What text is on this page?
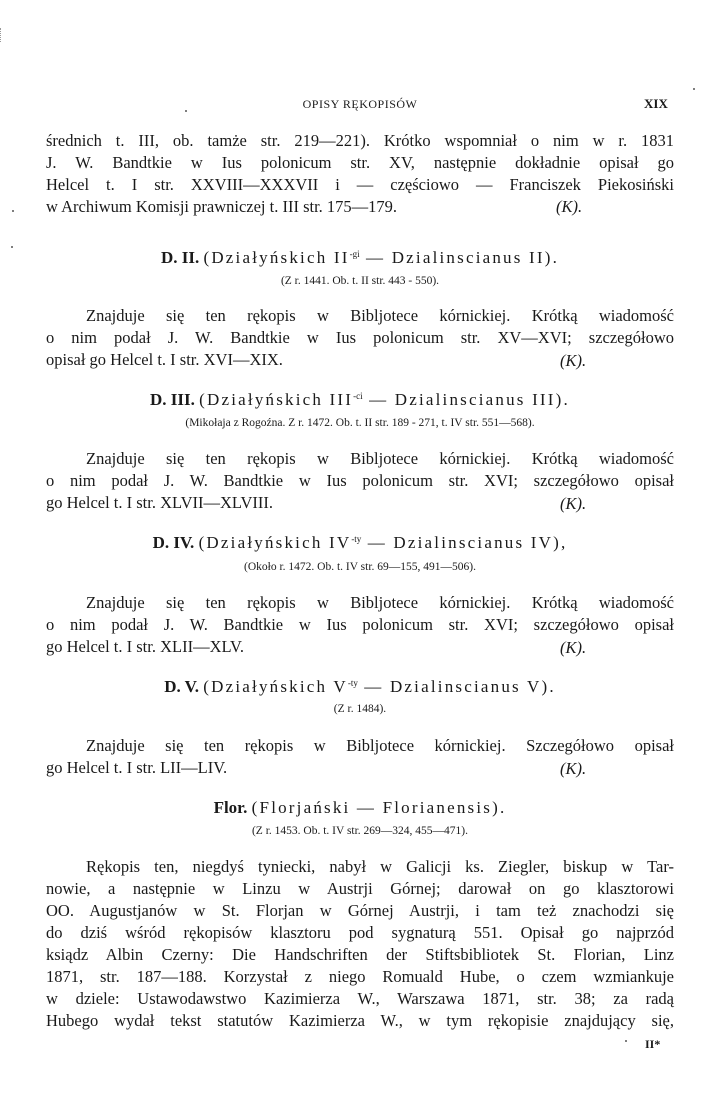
OPISY RĘKOPISÓW	XIX
średnich t. III, ob. tamże str. 219—221). Krótko wspomniał o nim w r. 1831
J. W. Bandtkie w Ius polonicum str. XV, następnie dokładnie opisał go
Helcel t. I str. XXVIII—XXXVII i — częściowo — Franciszek Piekosiński
w Archiwum Komisji prawniczej t. III str. 175—179.	(K).
D. II. (Działyńskich $II^{-gi}$ — Dzialinscianus II).
(Z r. 1441. Ob. t. II str. 443 - 550).
Znajduje się ten rękopis w Bibljotece kórnickiej. Krótką wiadomość
o nim podał J. W. Bandtkie w Ius polonicum str. XV—XVI; szczegółowo
opisał go Helcel t. I str. XVI—XIX.	(K).
D. III. (Działyńskich $III^{-ci}$ — Dzialinscianus III).
(Mikołaja z Rogoźna. Z r. 1472. Ob. t. II str. 189 - 271, t. IV str. 551—568).
Znajduje się ten rękopis w Bibljotece kórnickiej. Krótką wiadomość
o nim podał J. W. Bandtkie w Ius polonicum str. XVI; szczegółowo opisał
go Helcel t. I str. XLVII—XLVIII.	(K).
D. IV. (Działyńskich $IV^{-ty}$ — Dzialinscianus IV),
(Około r. 1472. Ob. t. IV str. 69—155, 491—506).
Znajduje się ten rękopis w Bibljotece kórnickiej. Krótką wiadomość
o nim podał J. W. Bandtkie w Ius polonicum str. XVI; szczegółowo opisał
go Helcel t. I str. XLII—XLV.	(K).
D. V. (Działyńskich $V^{-ty}$ — Dzialinscianus V).
(Z r. 1484).
Znajduje się ten rękopis w Bibljotece kórnickiej. Szczegółowo opisał
go Helcel t. I str. LII—LIV.	(K).
Flor. (Florjański — Florianensis).
(Z r. 1453. Ob. t. IV str. 269—324, 455—471).
Rękopis ten, niegdyś tyniecki, nabył w Galicji ks. Ziegler, biskup w Tar-
nowie, a następnie w Linzu w Austrji Górnej; darował on go klasztorowi
OO. Augustjanów w St. Florjan w Górnej Austrji, i tam też znachodzi się
do dziś wśród rękopisów klasztoru pod sygnaturą 551. Opisał go najprzód
ksiądz Albin Czerny: Die Handschriften der Stiftsbibliotek St. Florian, Linz
1871, str. 187—188. Korzystał z niego Romuald Hube, o czem wzmiankuje
w dziele: Ustawodawstwo Kazimierza W., Warszawa 1871, str. 38; za radą
Hubego wydał tekst statutów Kazimierza W., w tym rękopisie znajdujący się,
II*
